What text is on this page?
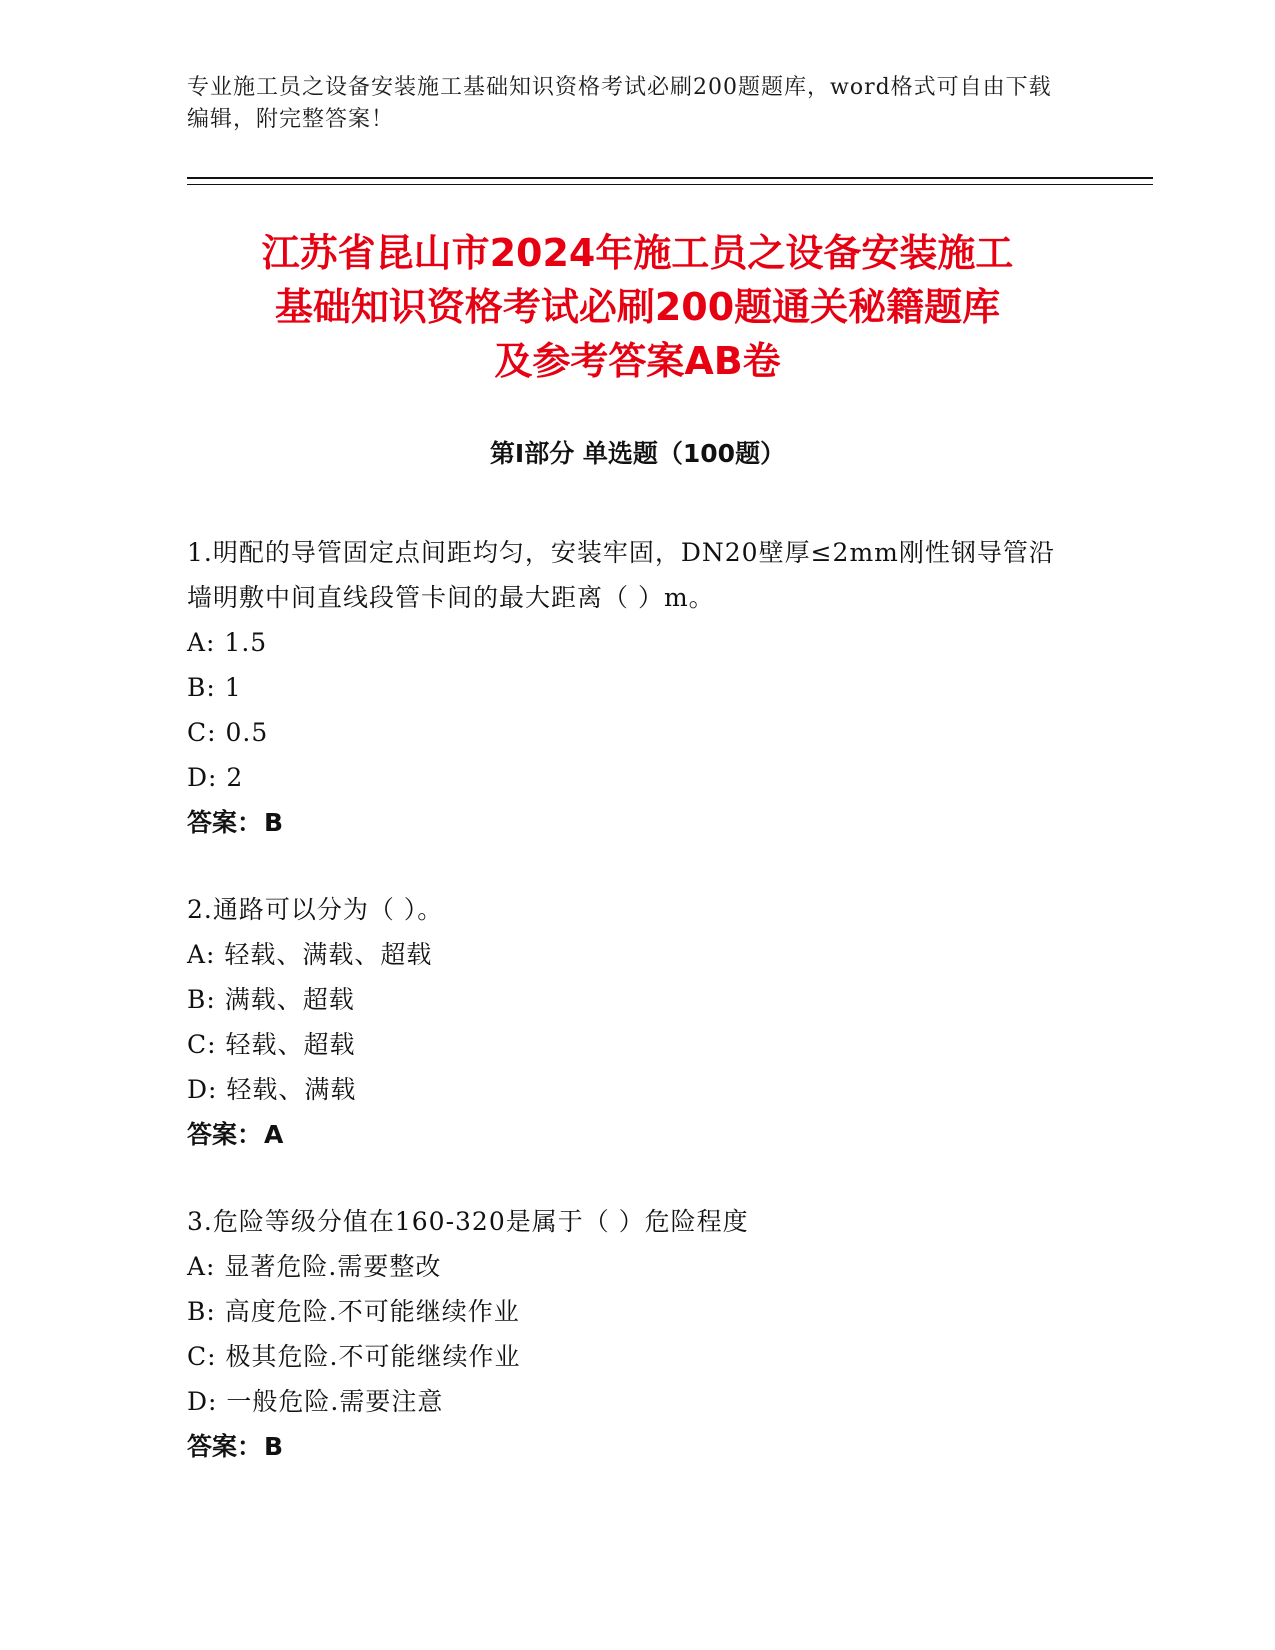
专业施工员之设备安装施工基础知识资格考试必刷200题题库，word格式可自由下载编辑，附完整答案！
江苏省昆山市2024年施工员之设备安装施工
基础知识资格考试必刷200题通关秘籍题库
及参考答案AB卷
第Ⅰ部分 单选题（100题）
1.明配的导管固定点间距均匀，安装牢固，DN20壁厚≤2mm刚性钢导管沿墙明敷中间直线段管卡间的最大距离（ ）m。
A: 1.5
B: 1
C: 0.5
D: 2
答案：B
2.通路可以分为（ ）。
A: 轻载、满载、超载
B: 满载、超载
C: 轻载、超载
D: 轻载、满载
答案：A
3.危险等级分值在160-320是属于（ ）危险程度
A: 显著危险.需要整改
B: 高度危险.不可能继续作业
C: 极其危险.不可能继续作业
D: 一般危险.需要注意
答案：B
